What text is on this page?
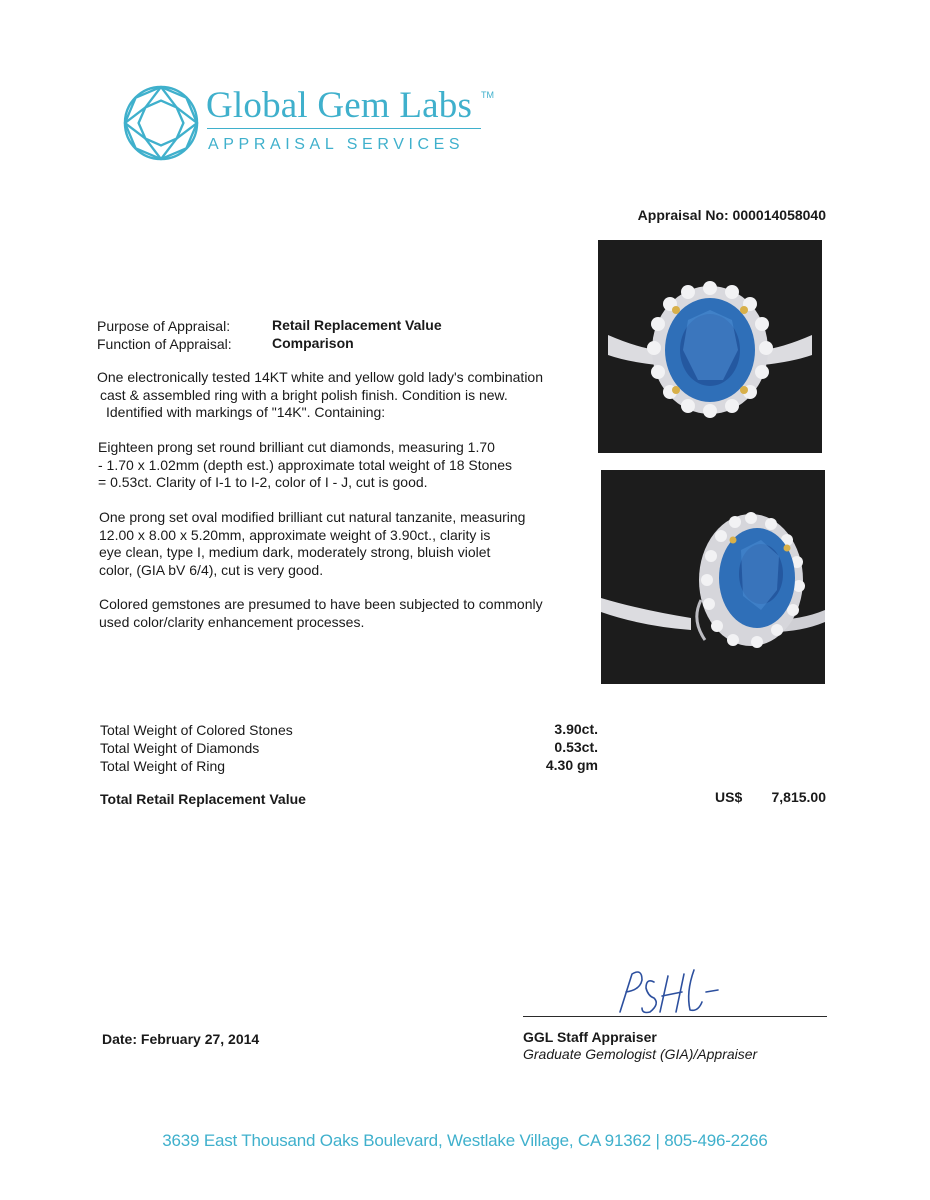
Global Gem Labs TM
APPRAISAL SERVICES
Appraisal No: 000014058040
Purpose of Appraisal:	Retail Replacement Value
Function of Appraisal:	Comparison
One electronically tested 14KT white and yellow gold lady's combination
cast & assembled ring with a bright polish finish. Condition is new.
Identified with markings of "14K". Containing:
Eighteen prong set round brilliant cut diamonds, measuring 1.70
- 1.70 x 1.02mm (depth est.) approximate total weight of 18 Stones
= 0.53ct. Clarity of I-1 to I-2, color of I - J, cut is good.
One prong set oval modified brilliant cut natural tanzanite, measuring
12.00 x 8.00 x 5.20mm, approximate weight of 3.90ct., clarity is
eye clean, type I, medium dark, moderately strong, bluish violet
color, (GIA bV 6/4), cut is very good.
Colored gemstones are presumed to have been subjected to commonly
used color/clarity enhancement processes.
Total Weight of Colored Stones	3.90ct.
Total Weight of Diamonds	0.53ct.
Total Weight of Ring	4.30 gm
Total Retail Replacement Value	US$	7,815.00
GGL Staff Appraiser
Graduate Gemologist (GIA)/Appraiser
Date: February 27, 2014
3639 East Thousand Oaks Boulevard, Westlake Village, CA 91362 | 805-496-2266
